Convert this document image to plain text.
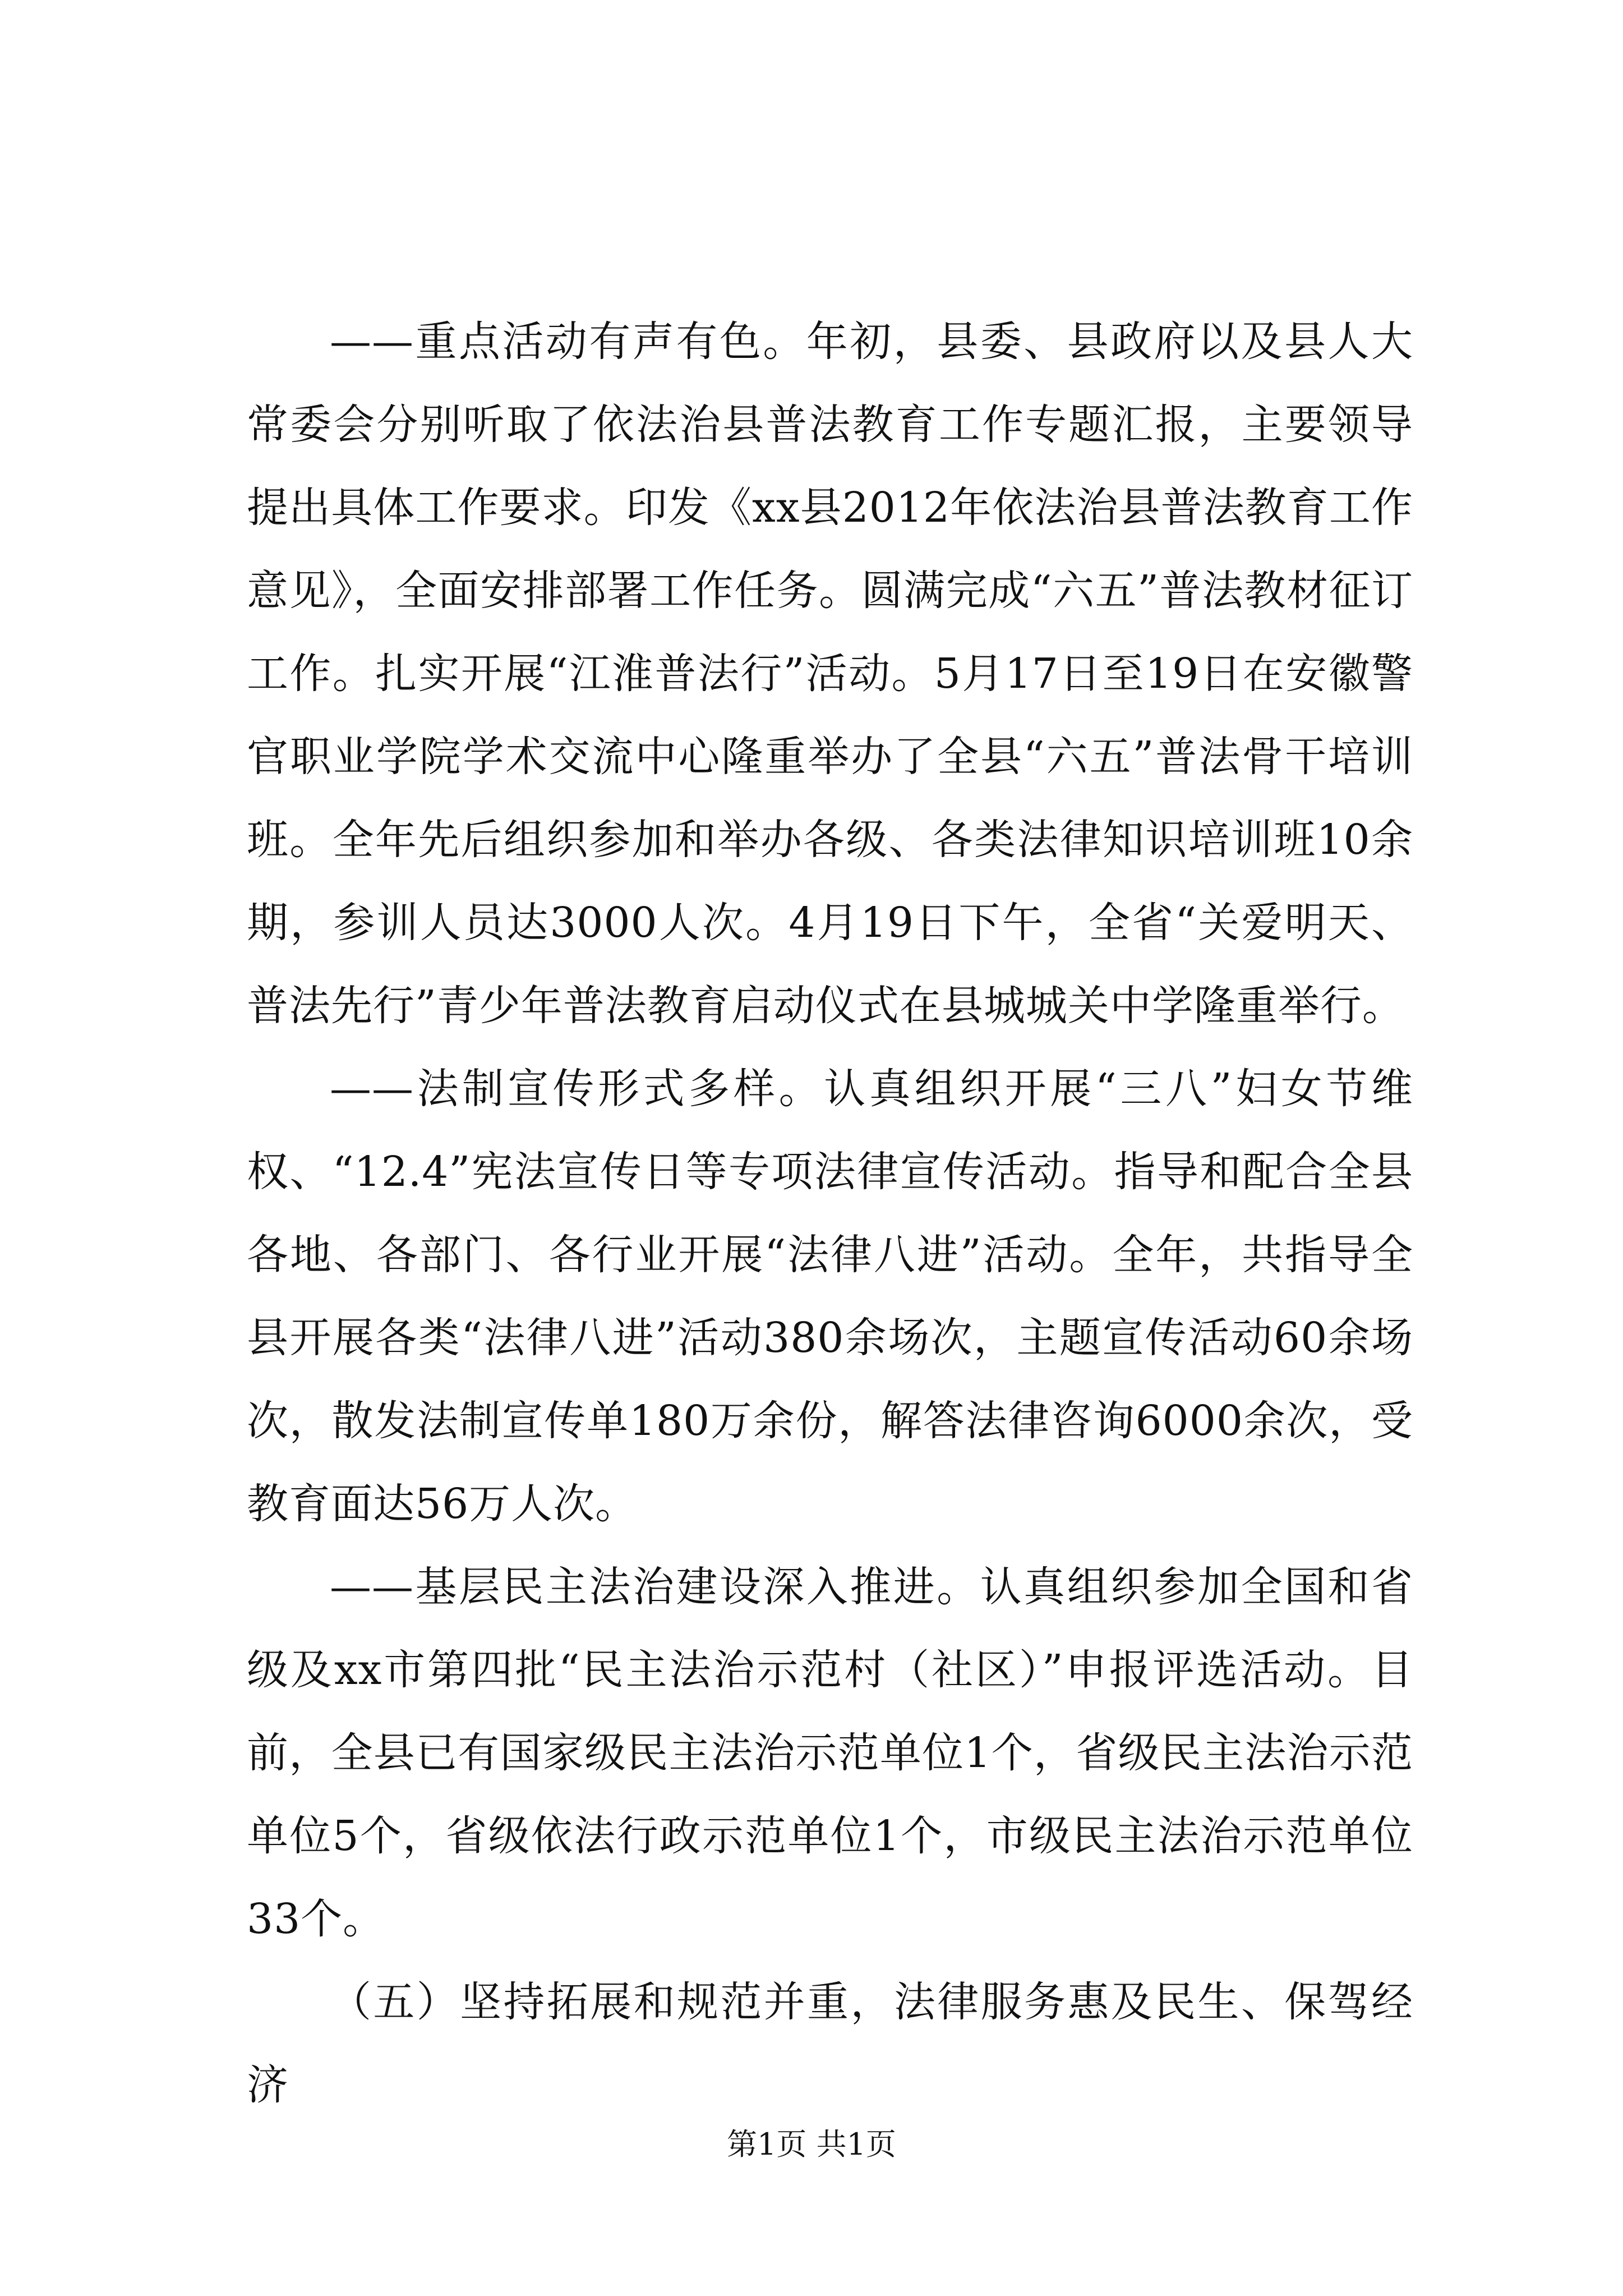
——重点活动有声有色。年初，县委、县政府以及县人大常委会分别听取了依法治县普法教育工作专题汇报，主要领导提出具体工作要求。印发《xx县2012年依法治县普法教育工作意见》，全面安排部署工作任务。圆满完成“六五”普法教材征订工作。扎实开展“江淮普法行”活动。5月17日至19日在安徽警官职业学院学术交流中心隆重举办了全县“六五”普法骨干培训班。全年先后组织参加和举办各级、各类法律知识培训班10余期，参训人员达3000人次。4月19日下午，全省“关爱明天、普法先行”青少年普法教育启动仪式在县城城关中学隆重举行。

——法制宣传形式多样。认真组织开展“三八”妇女节维权、“12.4”宪法宣传日等专项法律宣传活动。指导和配合全县各地、各部门、各行业开展“法律八进”活动。全年，共指导全县开展各类“法律八进”活动380余场次，主题宣传活动60余场次，散发法制宣传单180万余份，解答法律咨询6000余次，受教育面达56万人次。

——基层民主法治建设深入推进。认真组织参加全国和省级及xx市第四批“民主法治示范村（社区）”申报评选活动。目前，全县已有国家级民主法治示范单位1个，省级民主法治示范单位5个，省级依法行政示范单位1个，市级民主法治示范单位33个。

（五）坚持拓展和规范并重，法律服务惠及民生、保驾经济

第1页 共1页
